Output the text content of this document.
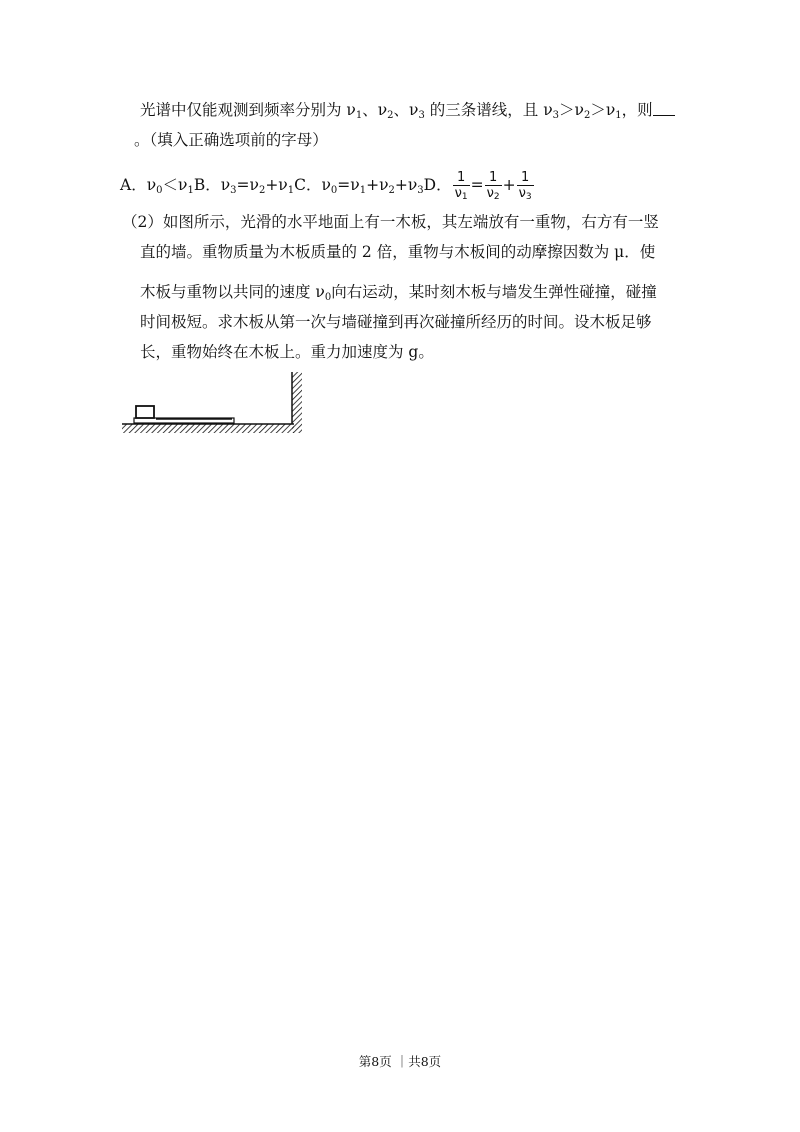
光谱中仅能观测到频率分别为 $\nu_1$、$\nu_2$、$\nu_3$ 的三条谱线，且 $\nu_3>\nu_2>\nu_1$，则
。（填入正确选项前的字母）
A．$\nu_0<\nu_1B$．$\nu_3=\nu_2+\nu_1C$．$\nu_0=\nu_1+\nu_2+\nu_3D$． $\frac{1}{\nu_1} = \frac{1}{\nu_2} + \frac{1}{\nu_3}$
（2）如图所示，光滑的水平地面上有一木板，其左端放有一重物，右方有一竖
直的墙。重物质量为木板质量的 2 倍，重物与木板间的动摩擦因数为 μ．使
木板与重物以共同的速度 $\nu_0$向右运动，某时刻木板与墙发生弹性碰撞，碰撞
时间极短。求木板从第一次与墙碰撞到再次碰撞所经历的时间。设木板足够
长，重物始终在木板上。重力加速度为 g。
第8页 ｜共8页
